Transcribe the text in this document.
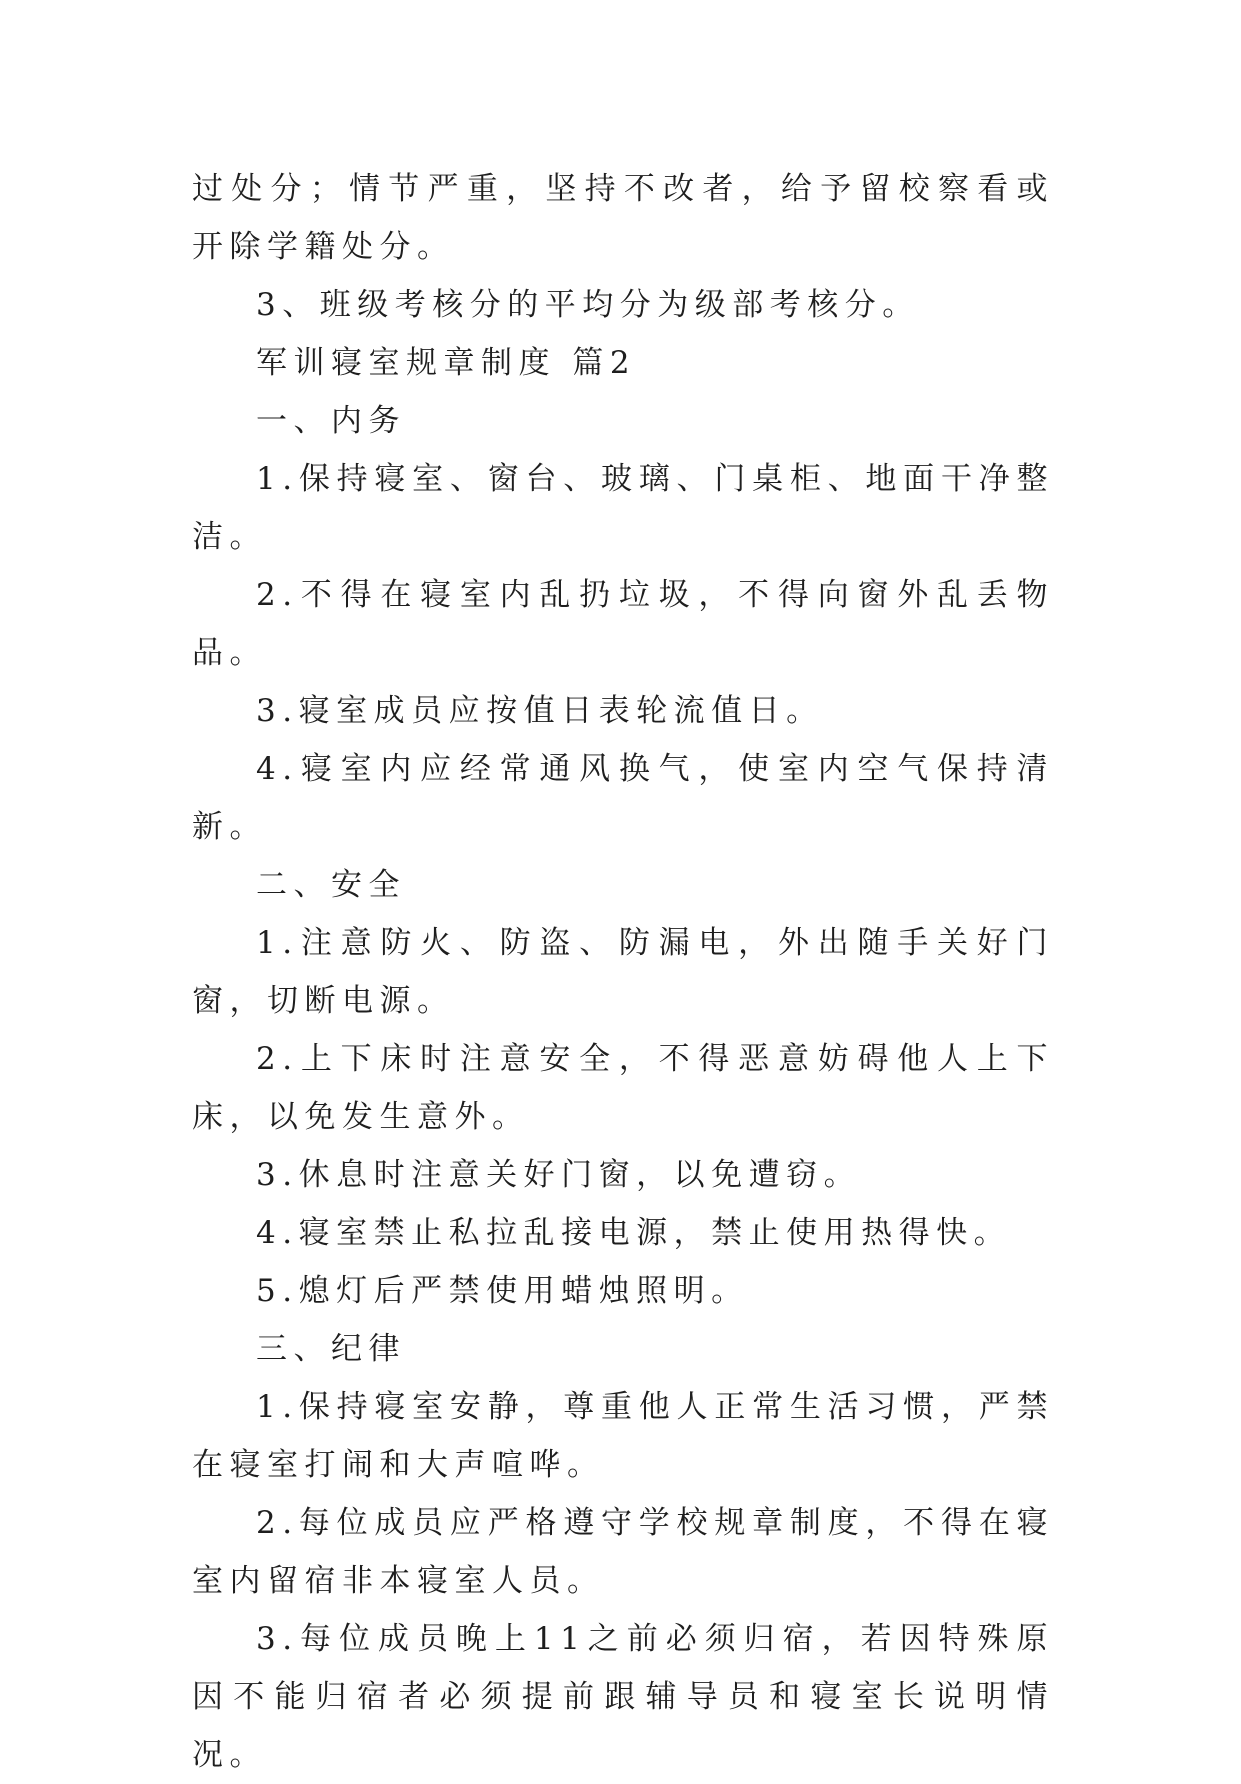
过处分；情节严重，坚持不改者，给予留校察看或开除学籍处分。

3、班级考核分的平均分为级部考核分。

军训寝室规章制度 篇2

一、内务

1.保持寝室、窗台、玻璃、门桌柜、地面干净整洁。

2.不得在寝室内乱扔垃圾，不得向窗外乱丢物品。

3.寝室成员应按值日表轮流值日。

4.寝室内应经常通风换气，使室内空气保持清新。

二、安全

1.注意防火、防盗、防漏电，外出随手关好门窗，切断电源。

2.上下床时注意安全，不得恶意妨碍他人上下床，以免发生意外。

3.休息时注意关好门窗，以免遭窃。

4.寝室禁止私拉乱接电源，禁止使用热得快。

5.熄灯后严禁使用蜡烛照明。

三、纪律

1.保持寝室安静，尊重他人正常生活习惯，严禁在寝室打闹和大声喧哗。

2.每位成员应严格遵守学校规章制度，不得在寝室内留宿非本寝室人员。

3.每位成员晚上11之前必须归宿，若因特殊原因不能归宿者必须提前跟辅导员和寝室长说明情况。
